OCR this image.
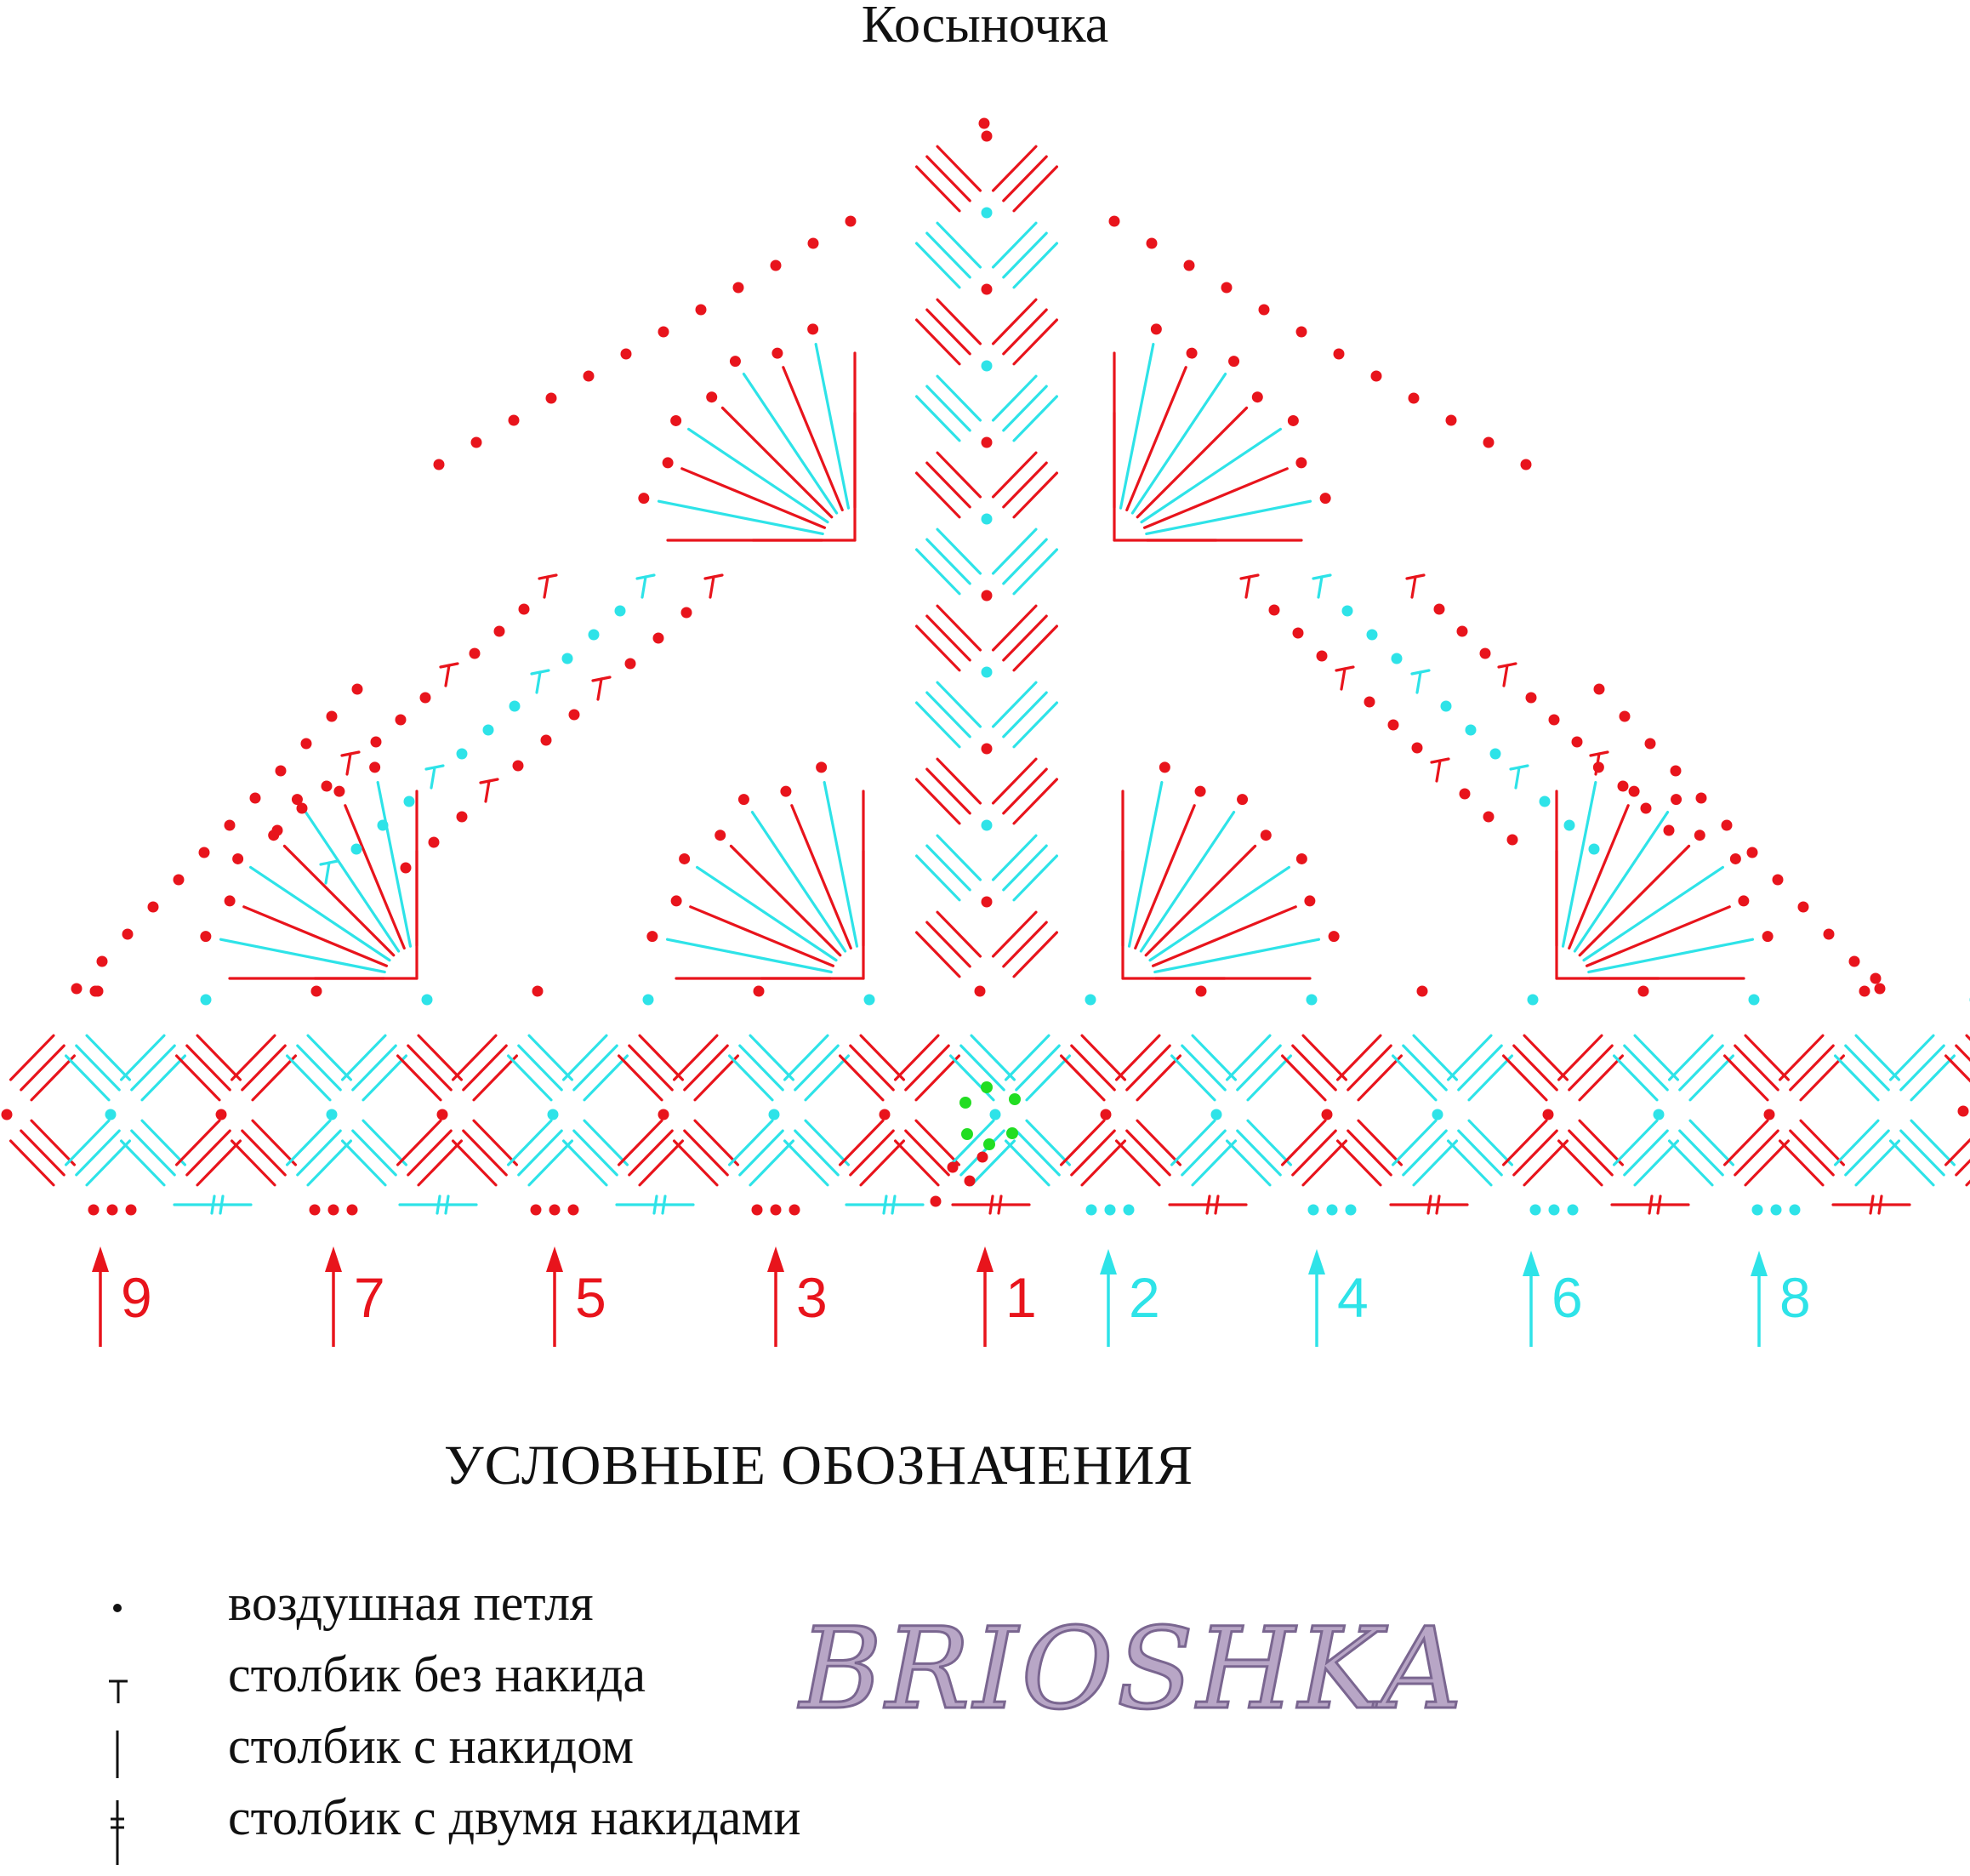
Косыночка
9	7	5	3	1 2	4	6	8
УСЛОВНЫЕ ОБОЗНАЧЕНИЯ
воздушная петля
столбик без накида
столбик с накидом
столбик с двумя накидами
BRIOSHKA
